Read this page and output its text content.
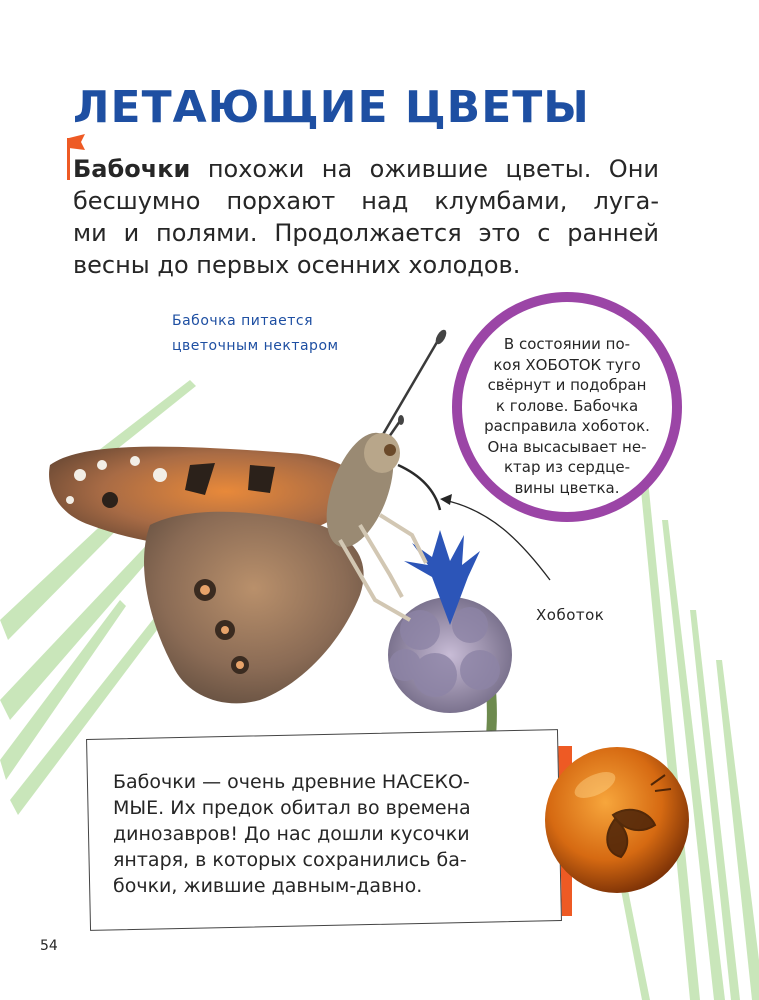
ЛЕТАЮЩИЕ ЦВЕТЫ

Бабочки похожи на ожившие цветы. Они
бесшумно порхают над клумбами, луга-
ми и полями. Продолжается это с ранней
весны до первых осенних холодов.

Бабочка питается
цветочным нектаром	В состоянии по-
коя ХОБОТОК туго
свёрнут и подобран
к голове. Бабочка
расправила хоботок.
Она высасывает не-
ктар из сердце-
вины цветка.
Хоботок

Бабочки — очень древние НАСЕКО-
МЫЕ. Их предок обитал во времена
динозавров! До нас дошли кусочки
янтаря, в которых сохранились ба-
бочки, жившие давным-давно.

54
